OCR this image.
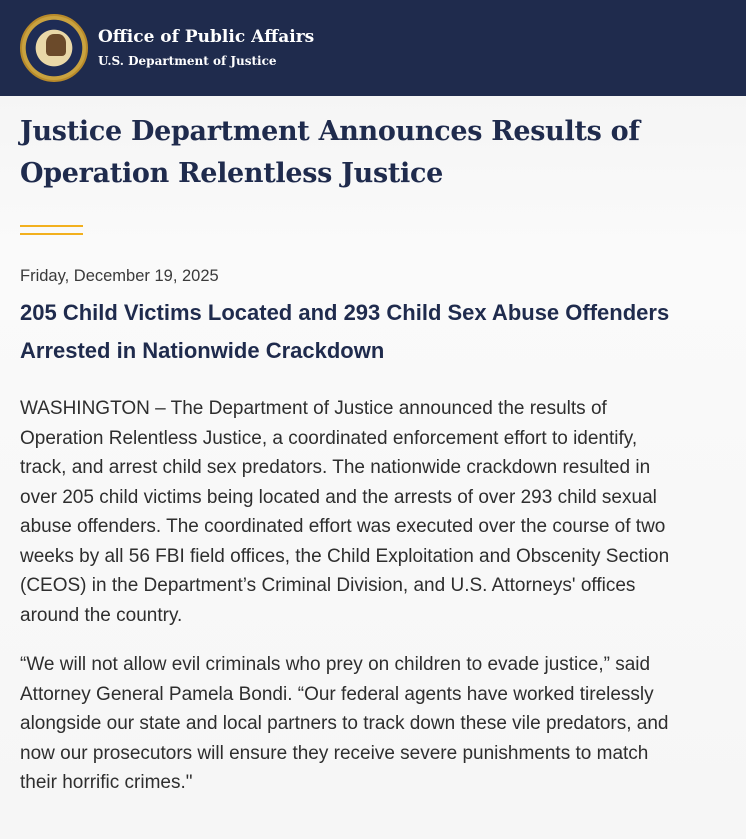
Office of Public Affairs
U.S. Department of Justice
Justice Department Announces Results of
Operation Relentless Justice
Friday, December 19, 2025
205 Child Victims Located and 293 Child Sex Abuse Offenders
Arrested in Nationwide Crackdown

WASHINGTON – The Department of Justice announced the results of
Operation Relentless Justice, a coordinated enforcement effort to identify,
track, and arrest child sex predators. The nationwide crackdown resulted in
over 205 child victims being located and the arrests of over 293 child sexual
abuse offenders. The coordinated effort was executed over the course of two
weeks by all 56 FBI field offices, the Child Exploitation and Obscenity Section
(CEOS) in the Department’s Criminal Division, and U.S. Attorneys' offices
around the country.

“We will not allow evil criminals who prey on children to evade justice,” said
Attorney General Pamela Bondi. “Our federal agents have worked tirelessly
alongside our state and local partners to track down these vile predators, and
now our prosecutors will ensure they receive severe punishments to match
their horrific crimes."
